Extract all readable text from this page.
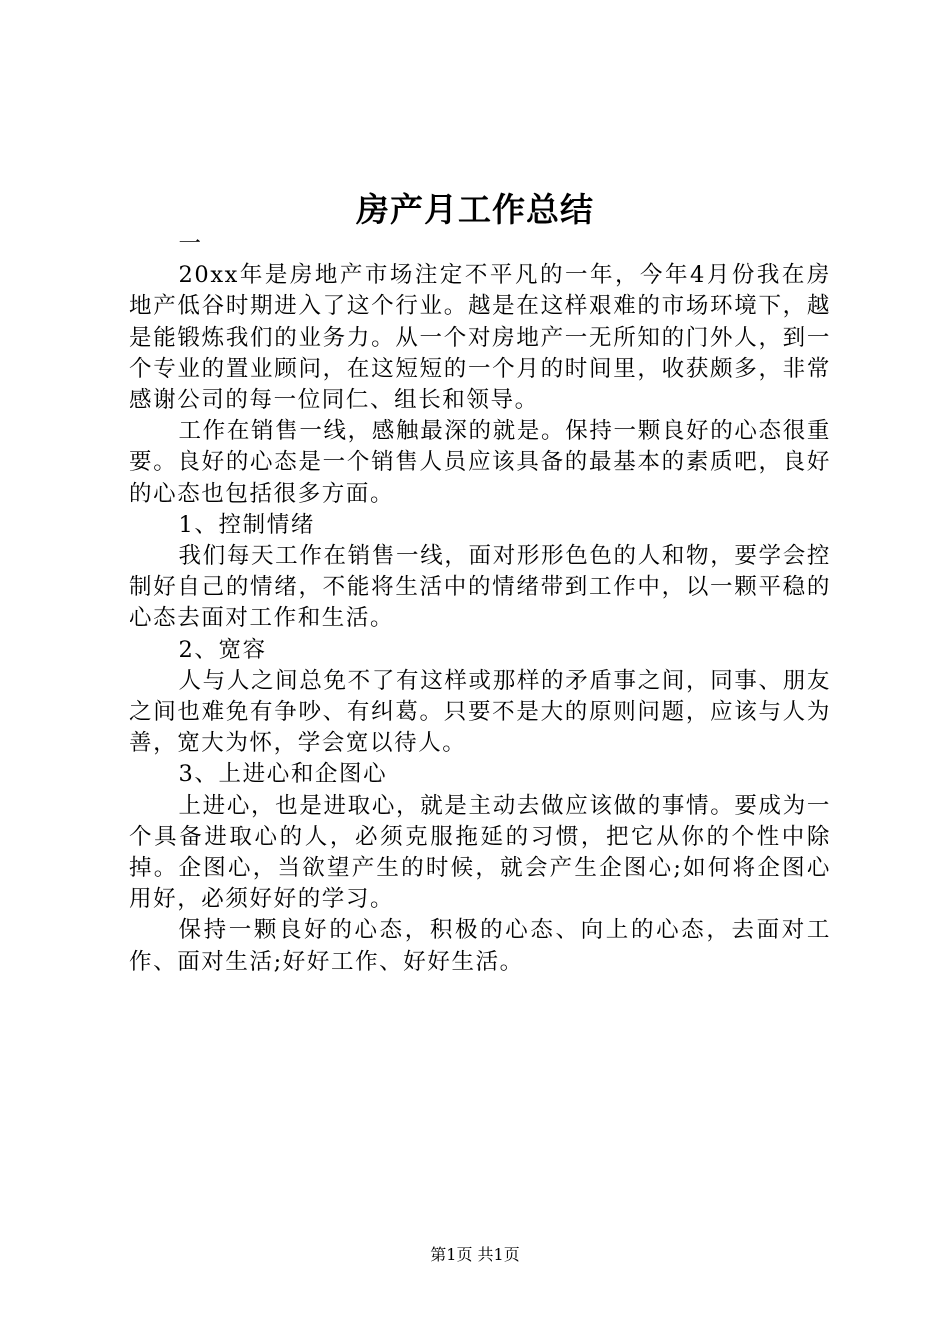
房产月工作总结

一

20xx年是房地产市场注定不平凡的一年，今年4月份我在房地产低谷时期进入了这个行业。越是在这样艰难的市场环境下，越是能锻炼我们的业务力。从一个对房地产一无所知的门外人，到一个专业的置业顾问，在这短短的一个月的时间里，收获颇多，非常感谢公司的每一位同仁、组长和领导。

工作在销售一线，感触最深的就是。保持一颗良好的心态很重要。良好的心态是一个销售人员应该具备的最基本的素质吧，良好的心态也包括很多方面。

1、控制情绪

我们每天工作在销售一线，面对形形色色的人和物，要学会控制好自己的情绪，不能将生活中的情绪带到工作中，以一颗平稳的心态去面对工作和生活。

2、宽容

人与人之间总免不了有这样或那样的矛盾事之间，同事、朋友之间也难免有争吵、有纠葛。只要不是大的原则问题，应该与人为善，宽大为怀，学会宽以待人。

3、上进心和企图心

上进心，也是进取心，就是主动去做应该做的事情。要成为一个具备进取心的人，必须克服拖延的习惯，把它从你的个性中除掉。企图心，当欲望产生的时候，就会产生企图心;如何将企图心用好，必须好好的学习。

保持一颗良好的心态，积极的心态、向上的心态，去面对工作、面对生活;好好工作、好好生活。

第1页 共1页
